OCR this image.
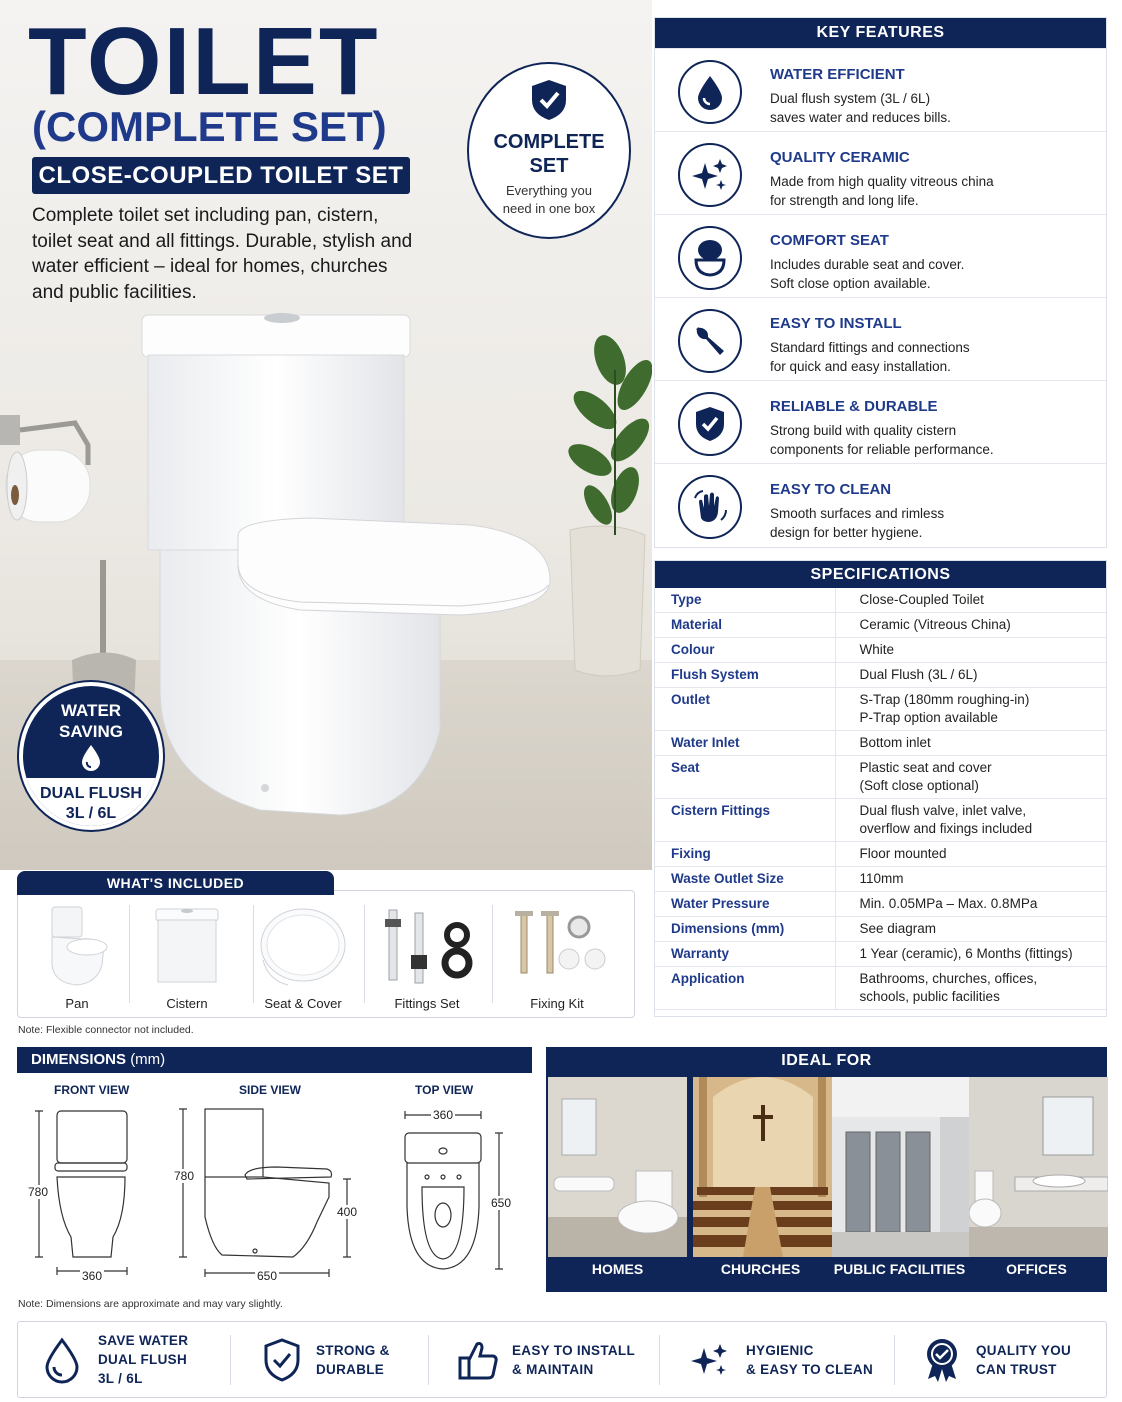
TOILET
(COMPLETE SET)
CLOSE-COUPLED TOILET SET
Complete toilet set including pan, cistern, toilet seat and all fittings. Durable, stylish and water efficient – ideal for homes, churches and public facilities.
COMPLETE
SET
Everything you
need in one box
WATER
SAVING
DUAL FLUSH
3L / 6L
KEY FEATURES
WATER EFFICIENT
Dual flush system (3L / 6L)
saves water and reduces bills.
QUALITY CERAMIC
Made from high quality vitreous china
for strength and long life.
COMFORT SEAT
Includes durable seat and cover.
Soft close option available.
EASY TO INSTALL
Standard fittings and connections
for quick and easy installation.
RELIABLE & DURABLE
Strong build with quality cistern
components for reliable performance.
EASY TO CLEAN
Smooth surfaces and rimless
design for better hygiene.
SPECIFICATIONS
Type	Close-Coupled Toilet

Material	Ceramic (Vitreous China)

Colour	White

Flush System	Dual Flush (3L / 6L)

Outlet	S-Trap (180mm roughing-in)
P-Trap option available

Water Inlet	Bottom inlet

Seat	Plastic seat and cover
(Soft close optional)

Cistern Fittings	Dual flush valve, inlet valve,
overflow and fixings included

Fixing	Floor mounted

Waste Outlet Size	110mm

Water Pressure	Min. 0.05MPa – Max. 0.8MPa

Dimensions (mm)	See diagram

Warranty	1 Year (ceramic), 6 Months (fittings)

Application	Bathrooms, churches, offices,
schools, public facilities
Pan	Cistern	Seat & Cover	Fittings Set	Fixing Kit
WHAT'S INCLUDED
Note: Flexible connector not included.
DIMENSIONS (mm)
FRONT VIEW	SIDE VIEW	TOP VIEW
780
360
780
400
650
360
650
Note: Dimensions are approximate and may vary slightly.
IDEAL FOR
HOMES	CHURCHES	PUBLIC FACILITIES	OFFICES
SAVE WATER
DUAL FLUSH
3L / 6L
STRONG &
DURABLE
EASY TO INSTALL
& MAINTAIN
HYGIENIC
& EASY TO CLEAN
QUALITY YOU
CAN TRUST
